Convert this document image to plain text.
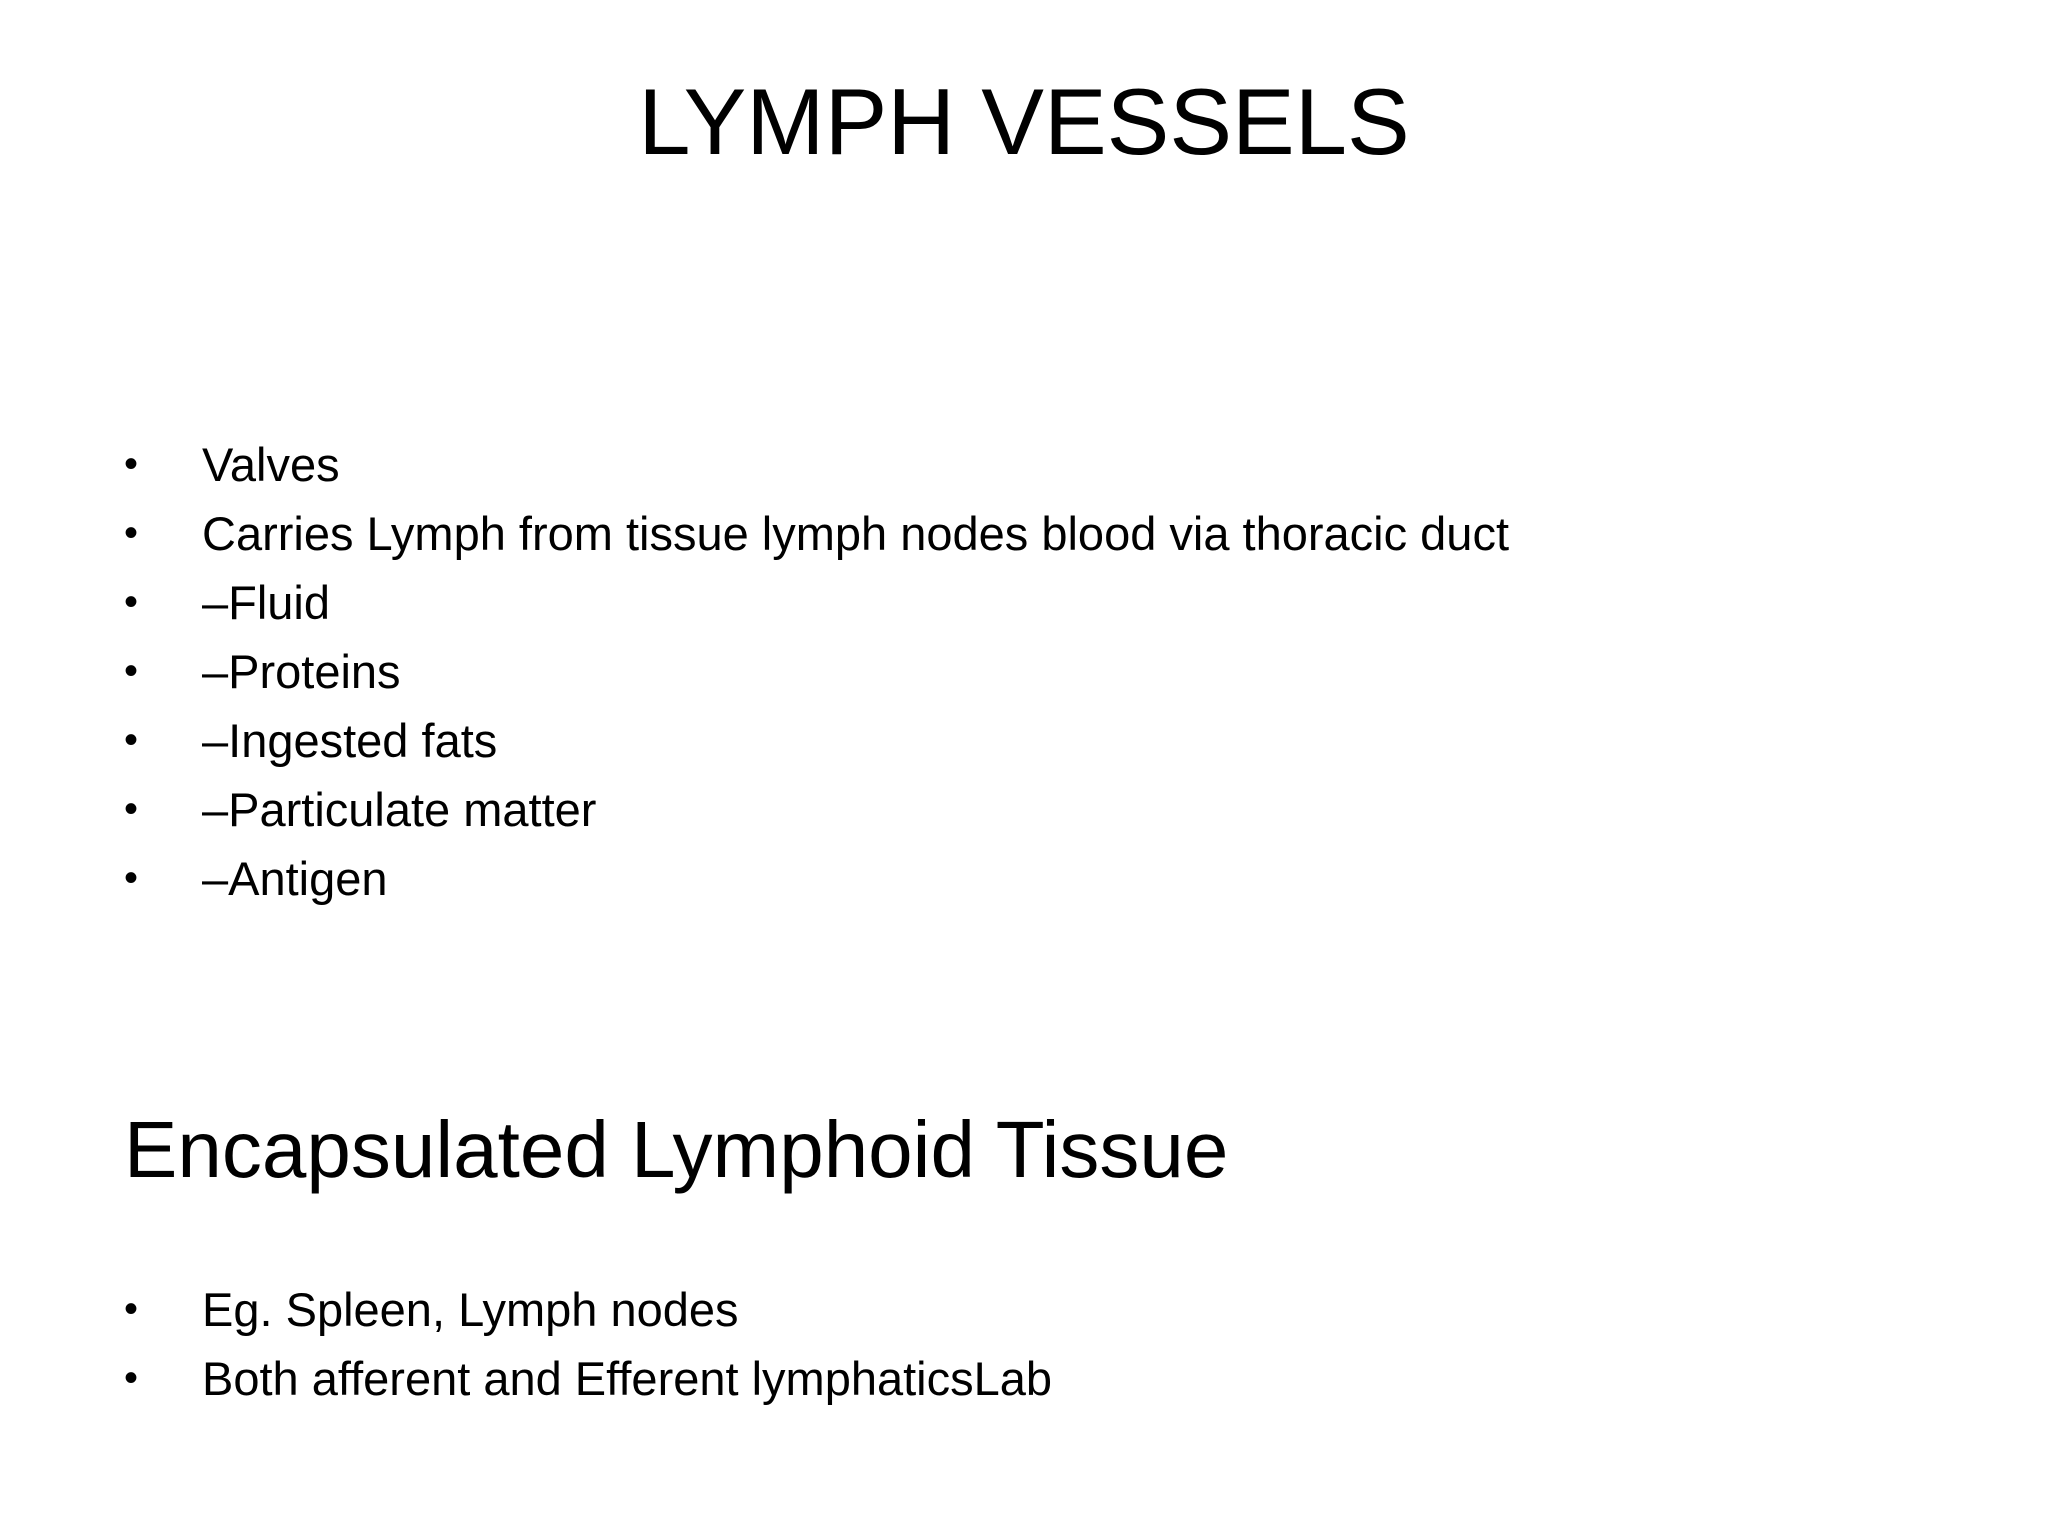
LYMPH VESSELS
•	Valves
•	Carries Lymph from tissue lymph nodes blood via thoracic duct
•	–Fluid
•	–Proteins
•	–Ingested fats
•	–Particulate matter
•	–Antigen
Encapsulated Lymphoid Tissue
•	Eg. Spleen, Lymph nodes
•	Both afferent and Efferent lymphaticsLab
